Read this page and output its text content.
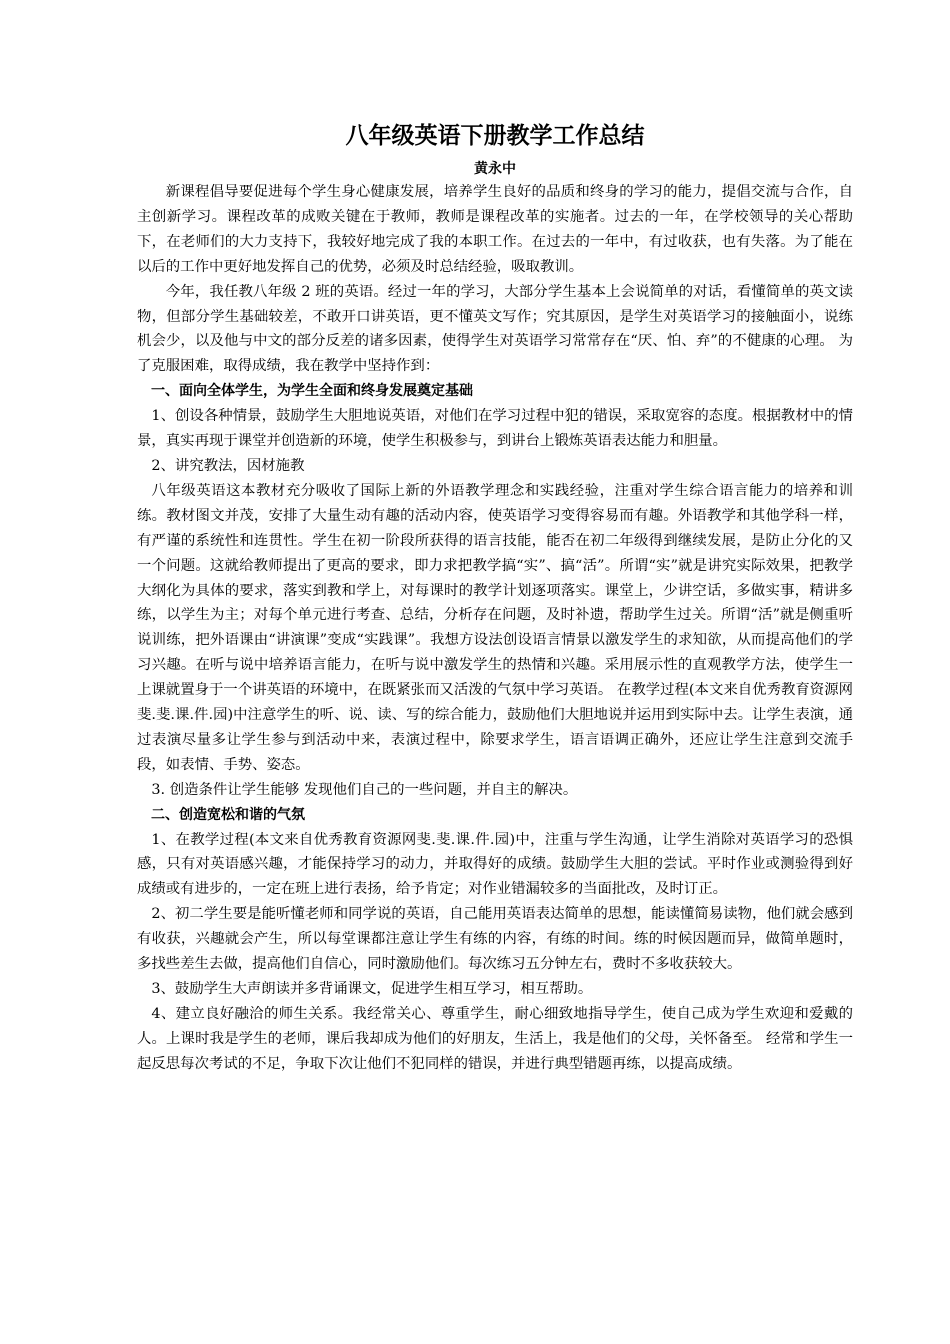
八年级英语下册教学工作总结
黄永中

新课程倡导要促进每个学生身心健康发展，培养学生良好的品质和终身的学习的能力，提倡交流与合作，自主创新学习。课程改革的成败关键在于教师，教师是课程改革的实施者。过去的一年，在学校领导的关心帮助下，在老师们的大力支持下，我较好地完成了我的本职工作。在过去的一年中，有过收获，也有失落。为了能在以后的工作中更好地发挥自己的优势，必须及时总结经验，吸取教训。

今年，我任教八年级 2 班的英语。经过一年的学习，大部分学生基本上会说简单的对话，看懂简单的英文读物，但部分学生基础较差，不敢开口讲英语，更不懂英文写作；究其原因，是学生对英语学习的接触面小，说练机会少，以及他与中文的部分反差的诸多因素，使得学生对英语学习常常存在“厌、怕、弃”的不健康的心理。 为了克服困难，取得成绩，我在教学中坚持作到：

一、面向全体学生，为学生全面和终身发展奠定基础

1、创设各种情景，鼓励学生大胆地说英语，对他们在学习过程中犯的错误，采取宽容的态度。根据教材中的情景，真实再现于课堂并创造新的环境，使学生积极参与，到讲台上锻炼英语表达能力和胆量。

2、讲究教法，因材施教

八年级英语这本教材充分吸收了国际上新的外语教学理念和实践经验，注重对学生综合语言能力的培养和训练。教材图文并茂，安排了大量生动有趣的活动内容，使英语学习变得容易而有趣。外语教学和其他学科一样，有严谨的系统性和连贯性。学生在初一阶段所获得的语言技能，能否在初二年级得到继续发展，是防止分化的又一个问题。这就给教师提出了更高的要求，即力求把教学搞“实”、搞“活”。所谓“实”就是讲究实际效果，把教学大纲化为具体的要求，落实到教和学上，对每课时的教学计划逐项落实。课堂上，少讲空话，多做实事，精讲多练，以学生为主；对每个单元进行考查、总结，分析存在问题，及时补遗，帮助学生过关。所谓“活”就是侧重听说训练，把外语课由“讲演课”变成“实践课”。我想方设法创设语言情景以激发学生的求知欲，从而提高他们的学习兴趣。在听与说中培养语言能力，在听与说中激发学生的热情和兴趣。采用展示性的直观教学方法，使学生一上课就置身于一个讲英语的环境中，在既紧张而又活泼的气氛中学习英语。 在教学过程(本文来自优秀教育资源网斐.斐.课.件.园)中注意学生的听、说、读、写的综合能力，鼓励他们大胆地说并运用到实际中去。让学生表演，通过表演尽量多让学生参与到活动中来，表演过程中，除要求学生，语言语调正确外，还应让学生注意到交流手段，如表情、手势、姿态。

3. 创造条件让学生能够 发现他们自己的一些问题，并自主的解决。

二、创造宽松和谐的气氛

1、在教学过程(本文来自优秀教育资源网斐.斐.课.件.园)中，注重与学生沟通，让学生消除对英语学习的恐惧感，只有对英语感兴趣，才能保持学习的动力，并取得好的成绩。鼓励学生大胆的尝试。平时作业或测验得到好成绩或有进步的，一定在班上进行表扬，给予肯定；对作业错漏较多的当面批改，及时订正。

2、初二学生要是能听懂老师和同学说的英语，自己能用英语表达简单的思想，能读懂简易读物，他们就会感到有收获，兴趣就会产生，所以每堂课都注意让学生有练的内容，有练的时间。练的时候因题而异，做简单题时，多找些差生去做，提高他们自信心，同时激励他们。每次练习五分钟左右，费时不多收获较大。

3、鼓励学生大声朗读并多背诵课文，促进学生相互学习，相互帮助。

4、建立良好融洽的师生关系。我经常关心、尊重学生，耐心细致地指导学生，使自己成为学生欢迎和爱戴的人。上课时我是学生的老师，课后我却成为他们的好朋友，生活上，我是他们的父母，关怀备至。 经常和学生一起反思每次考试的不足，争取下次让他们不犯同样的错误，并进行典型错题再练，以提高成绩。
